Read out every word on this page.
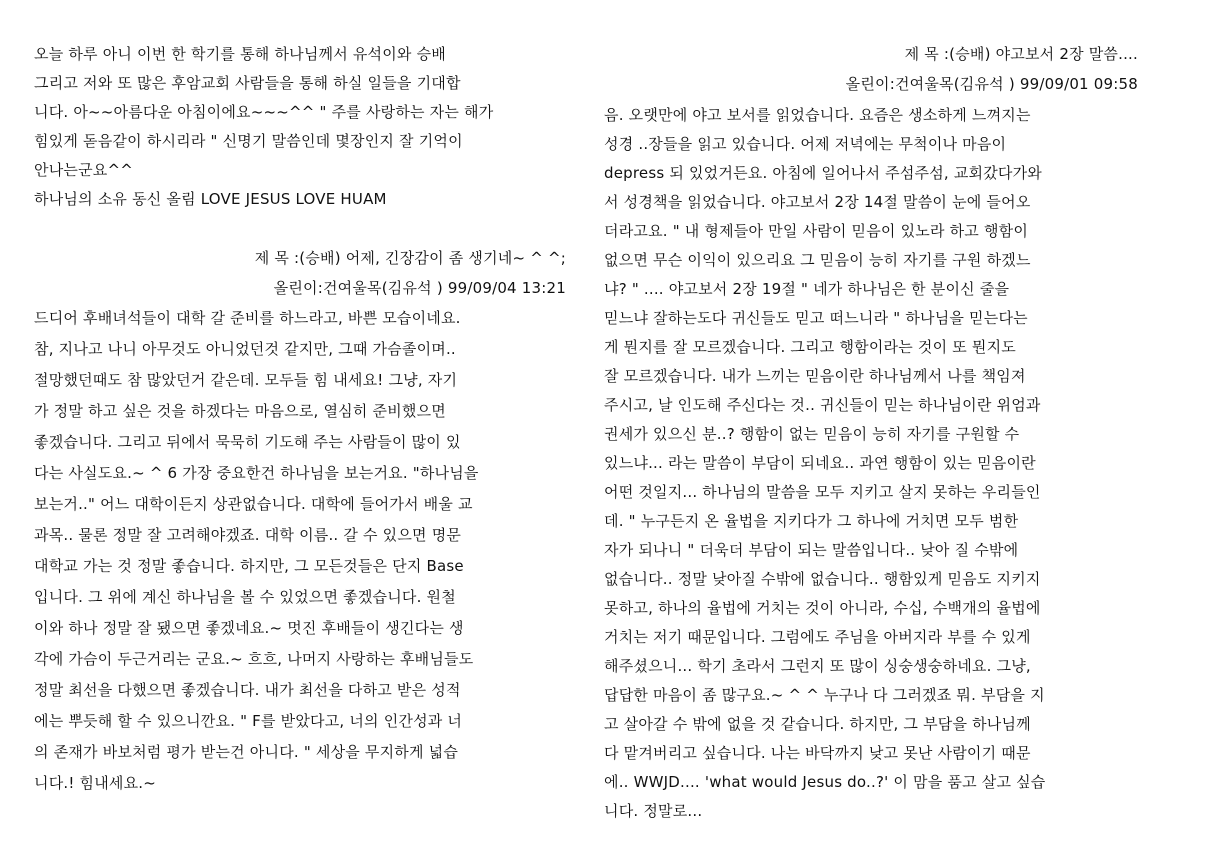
오늘 하루 아니 이번 한 학기를 통해 하나님께서 유석이와 승배
그리고 저와 또 많은 후암교회 사람들을 통해 하실 일들을 기대합
니다. 아~~아름다운 아침이에요~~~^^ " 주를 사랑하는 자는 해가
힘있게 돋음같이 하시리라 " 신명기 말씀인데 몇장인지 잘 기억이
안나는군요^^
하나님의 소유 동신 올림 LOVE JESUS LOVE HUAM
제 목 :(승배) 어제, 긴장감이 좀 생기네~ ^ ^;
올린이:건여울목(김유석 ) 99/09/04 13:21
드디어 후배녀석들이 대학 갈 준비를 하느라고, 바쁜 모습이네요.
참, 지나고 나니 아무것도 아니었던것 같지만, 그때 가슴졸이며..
절망했던때도 참 많았던거 같은데. 모두들 힘 내세요! 그냥, 자기
가 정말 하고 싶은 것을 하겠다는 마음으로, 열심히 준비했으면
좋겠습니다. 그리고 뒤에서 묵묵히 기도해 주는 사람들이 많이 있
다는 사실도요.~ ^ 6 가장 중요한건 하나님을 보는거요. "하나님을
보는거.." 어느 대학이든지 상관없습니다. 대학에 들어가서 배울 교
과목.. 물론 정말 잘 고려해야겠죠. 대학 이름.. 갈 수 있으면 명문
대학교 가는 것 정말 좋습니다. 하지만, 그 모든것들은 단지 Base
입니다. 그 위에 계신 하나님을 볼 수 있었으면 좋겠습니다. 원철
이와 하나 정말 잘 됐으면 좋겠네요.~ 멋진 후배들이 생긴다는 생
각에 가슴이 두근거리는 군요.~ 흐흐, 나머지 사랑하는 후배님들도
정말 최선을 다했으면 좋겠습니다. 내가 최선을 다하고 받은 성적
에는 뿌듯해 할 수 있으니깐요. " F를 받았다고, 너의 인간성과 너
의 존재가 바보처럼 평가 받는건 아니다. " 세상을 무지하게 넓습
니다.! 힘내세요.~
제 목 :(승배) 야고보서 2장 말씀....
올린이:건여울목(김유석 ) 99/09/01 09:58
음. 오랫만에 야고 보서를 읽었습니다. 요즘은 생소하게 느껴지는
성경 ..장들을 읽고 있습니다. 어제 저녁에는 무척이나 마음이
depress 되 있었거든요. 아침에 일어나서 주섬주섬, 교회갔다가와
서 성경책을 읽었습니다. 야고보서 2장 14절 말씀이 눈에 들어오
더라고요. " 내 형제들아 만일 사람이 믿음이 있노라 하고 행함이
없으면 무슨 이익이 있으리요 그 믿음이 능히 자기를 구원 하겠느
냐? " .... 야고보서 2장 19절 " 네가 하나님은 한 분이신 줄을
믿느냐 잘하는도다 귀신들도 믿고 떠느니라 " 하나님을 믿는다는
게 뭔지를 잘 모르겠습니다. 그리고 행함이라는 것이 또 뭔지도
잘 모르겠습니다. 내가 느끼는 믿음이란 하나님께서 나를 책임져
주시고, 날 인도해 주신다는 것.. 귀신들이 믿는 하나님이란 위엄과
권세가 있으신 분..? 행함이 없는 믿음이 능히 자기를 구원할 수
있느냐... 라는 말씀이 부담이 되네요.. 과연 행함이 있는 믿음이란
어떤 것일지... 하나님의 말씀을 모두 지키고 살지 못하는 우리들인
데. " 누구든지 온 율법을 지키다가 그 하나에 거치면 모두 범한
자가 되나니 " 더욱더 부담이 되는 말씀입니다.. 낮아 질 수밖에
없습니다.. 정말 낮아질 수밖에 없습니다.. 행함있게 믿음도 지키지
못하고, 하나의 율법에 거치는 것이 아니라, 수십, 수백개의 율법에
거치는 저기 때문입니다. 그럼에도 주님을 아버지라 부를 수 있게
해주셨으니... 학기 초라서 그런지 또 많이 싱숭생숭하네요. 그냥,
답답한 마음이 좀 많구요.~ ^ ^ 누구나 다 그러겠죠 뭐. 부담을 지
고 살아갈 수 밖에 없을 것 같습니다. 하지만, 그 부담을 하나님께
다 맡겨버리고 싶습니다. 나는 바닥까지 낮고 못난 사람이기 때문
에.. WWJD.... 'what would Jesus do..?' 이 맘을 품고 살고 싶습
니다. 정말로...
